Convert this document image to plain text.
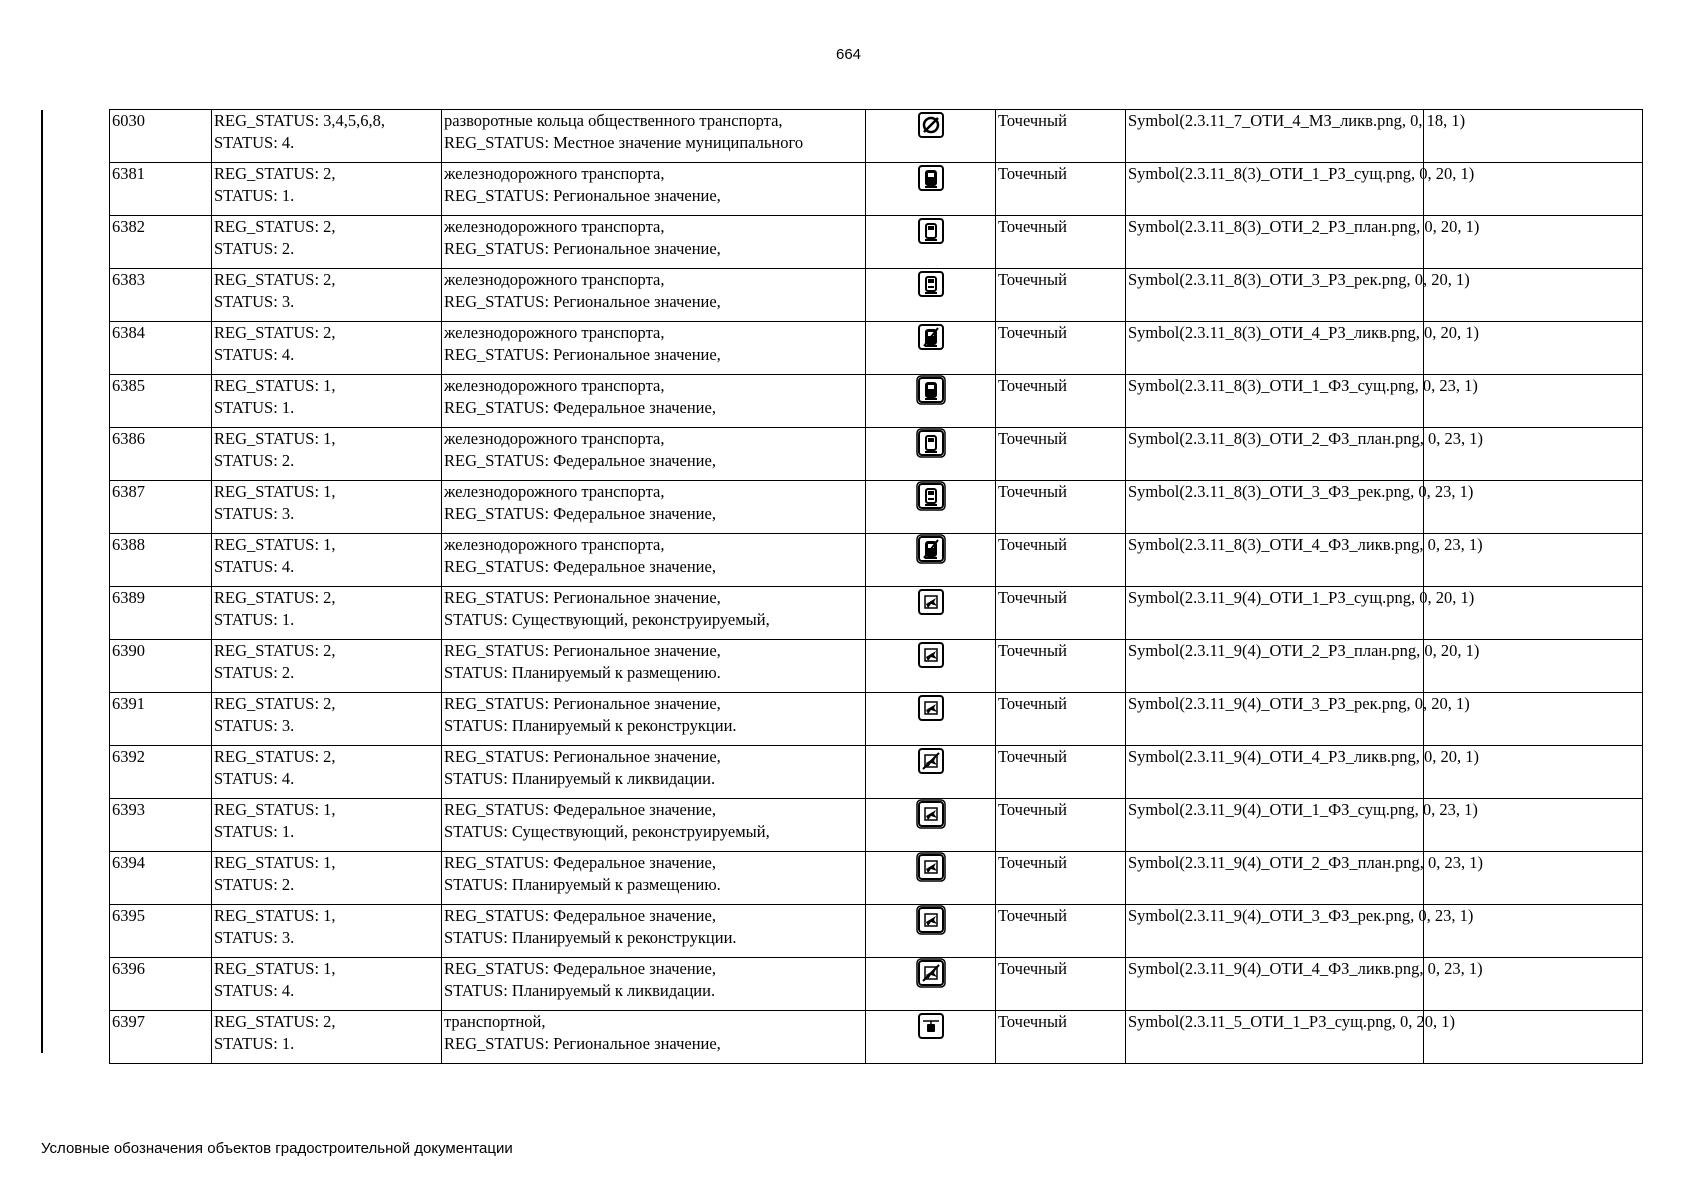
664
6030	REG_STATUS: 3,4,5,6,8,
STATUS: 4.	разворотные кольца общественного транспорта,
REG_STATUS: Местное значение муниципального		Точечный	Symbol(2.3.11_7_ОТИ_4_МЗ_ликв.png, 0, 18, 1)	

6381	REG_STATUS: 2,
STATUS: 1.	железнодорожного транспорта,
REG_STATUS: Региональное значение,		Точечный	Symbol(2.3.11_8(3)_ОТИ_1_РЗ_сущ.png, 0, 20, 1)	

6382	REG_STATUS: 2,
STATUS: 2.	железнодорожного транспорта,
REG_STATUS: Региональное значение,		Точечный	Symbol(2.3.11_8(3)_ОТИ_2_РЗ_план.png, 0, 20, 1)	

6383	REG_STATUS: 2,
STATUS: 3.	железнодорожного транспорта,
REG_STATUS: Региональное значение,		Точечный	Symbol(2.3.11_8(3)_ОТИ_3_РЗ_рек.png, 0, 20, 1)	

6384	REG_STATUS: 2,
STATUS: 4.	железнодорожного транспорта,
REG_STATUS: Региональное значение,		Точечный	Symbol(2.3.11_8(3)_ОТИ_4_РЗ_ликв.png, 0, 20, 1)	

6385	REG_STATUS: 1,
STATUS: 1.	железнодорожного транспорта,
REG_STATUS: Федеральное значение,		Точечный	Symbol(2.3.11_8(3)_ОТИ_1_ФЗ_сущ.png, 0, 23, 1)	

6386	REG_STATUS: 1,
STATUS: 2.	железнодорожного транспорта,
REG_STATUS: Федеральное значение,		Точечный	Symbol(2.3.11_8(3)_ОТИ_2_ФЗ_план.png, 0, 23, 1)	

6387	REG_STATUS: 1,
STATUS: 3.	железнодорожного транспорта,
REG_STATUS: Федеральное значение,		Точечный	Symbol(2.3.11_8(3)_ОТИ_3_ФЗ_рек.png, 0, 23, 1)	

6388	REG_STATUS: 1,
STATUS: 4.	железнодорожного транспорта,
REG_STATUS: Федеральное значение,		Точечный	Symbol(2.3.11_8(3)_ОТИ_4_ФЗ_ликв.png, 0, 23, 1)	

6389	REG_STATUS: 2,
STATUS: 1.	REG_STATUS: Региональное значение,
STATUS: Существующий, реконструируемый,		Точечный	Symbol(2.3.11_9(4)_ОТИ_1_РЗ_сущ.png, 0, 20, 1)	

6390	REG_STATUS: 2,
STATUS: 2.	REG_STATUS: Региональное значение,
STATUS: Планируемый к размещению.		Точечный	Symbol(2.3.11_9(4)_ОТИ_2_РЗ_план.png, 0, 20, 1)	

6391	REG_STATUS: 2,
STATUS: 3.	REG_STATUS: Региональное значение,
STATUS: Планируемый к реконструкции.		Точечный	Symbol(2.3.11_9(4)_ОТИ_3_РЗ_рек.png, 0, 20, 1)	

6392	REG_STATUS: 2,
STATUS: 4.	REG_STATUS: Региональное значение,
STATUS: Планируемый к ликвидации.		Точечный	Symbol(2.3.11_9(4)_ОТИ_4_РЗ_ликв.png, 0, 20, 1)	

6393	REG_STATUS: 1,
STATUS: 1.	REG_STATUS: Федеральное значение,
STATUS: Существующий, реконструируемый,		Точечный	Symbol(2.3.11_9(4)_ОТИ_1_ФЗ_сущ.png, 0, 23, 1)	

6394	REG_STATUS: 1,
STATUS: 2.	REG_STATUS: Федеральное значение,
STATUS: Планируемый к размещению.		Точечный	Symbol(2.3.11_9(4)_ОТИ_2_ФЗ_план.png, 0, 23, 1)	

6395	REG_STATUS: 1,
STATUS: 3.	REG_STATUS: Федеральное значение,
STATUS: Планируемый к реконструкции.		Точечный	Symbol(2.3.11_9(4)_ОТИ_3_ФЗ_рек.png, 0, 23, 1)	

6396	REG_STATUS: 1,
STATUS: 4.	REG_STATUS: Федеральное значение,
STATUS: Планируемый к ликвидации.		Точечный	Symbol(2.3.11_9(4)_ОТИ_4_ФЗ_ликв.png, 0, 23, 1)	

6397	REG_STATUS: 2,
STATUS: 1.	транспортной,
REG_STATUS: Региональное значение,		Точечный	Symbol(2.3.11_5_ОТИ_1_РЗ_сущ.png, 0, 20, 1)	

Условные обозначения объектов градостроительной документации
